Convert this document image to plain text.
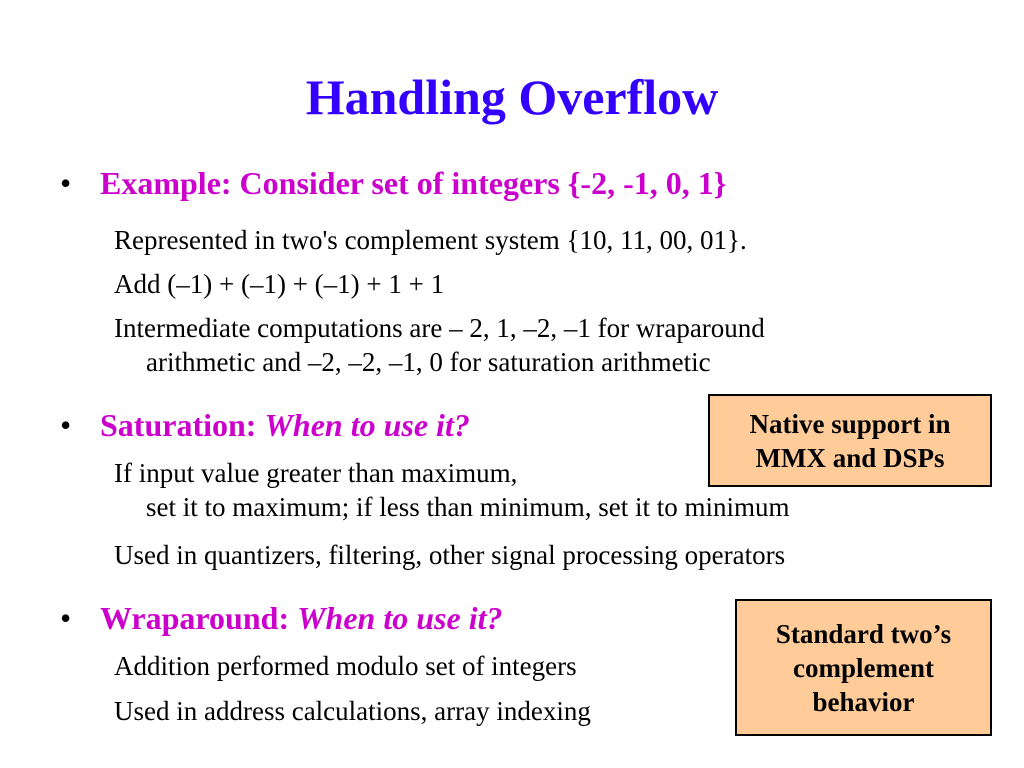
Handling Overflow
• Example: Consider set of integers {-2, -1, 0, 1}
Represented in two's complement system {10, 11, 00, 01}.
Add (–1) + (–1) + (–1) + 1 + 1
Intermediate computations are – 2, 1, –2, –1 for wraparound
arithmetic and –2, –2, –1, 0 for saturation arithmetic
• Saturation: When to use it?
If input value greater than maximum,
set it to maximum; if less than minimum, set it to minimum
Used in quantizers, filtering, other signal processing operators
Native support in
MMX and DSPs
• Wraparound: When to use it?
Addition performed modulo set of integers
Used in address calculations, array indexing
Standard two’s
complement
behavior
